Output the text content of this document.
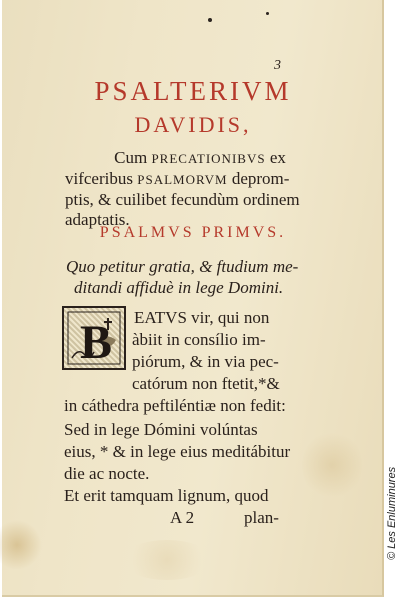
3
PSALTERIVM
DAVIDIS,
Cum PRECATIONIBVS ex
vifceribus PSALMORVM deprom-
ptis, & cuilibet fecundùm ordinem
adaptatis.
PSALMVS PRIMVS.
Quo petitur gratia, & ftudium me-
ditandi affiduè in lege Domini.
B EATVS vir, qui non
àbiit in consílio im-
piórum, & in via pec-
catórum non ftetit,*&
in cáthedra peftiléntiæ non fedit:
Sed in lege Dómini volúntas
eius, * & in lege eius meditábitur
die ac nocte.
Et erit tamquam lignum, quod
A 2	plan-	© Les Enluminures
